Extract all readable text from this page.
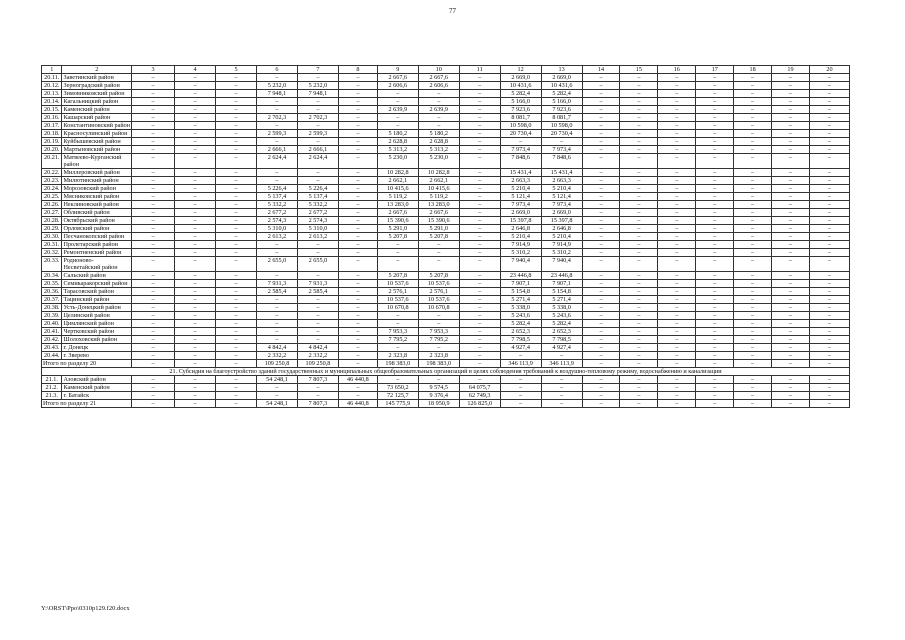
77
1	2	3	4	5	6	7	8	9	10	11	12	13	14	15	16	17	18	19	20
20.11.	Заветинский район	–	–	–	–	–	–	2 667,6	2 667,6	–	2 669,0	2 669,0	–	–	–	–	–	–	–
20.12.	Зерноградский район	–	–	–	5 232,0	5 232,0	–	2 606,6	2 606,6	–	10 431,6	10 431,6	–	–	–	–	–	–	–
20.13.	Зимовниковский район	–	–	–	7 948,1	7 948,1	–	–	–	–	5 282,4	5 282,4	–	–	–	–	–	–	–
20.14.	Кагальницкий район	–	–	–	–	–	–	–	–	–	5 166,0	5 166,0	–	–	–	–	–	–	–
20.15.	Каменский район	–	–	–	–	–	–	2 639,9	2 639,9	–	7 923,6	7 923,6	–	–	–	–	–	–	–
20.16.	Кашарский район	–	–	–	2 702,3	2 702,3	–	–	–	–	8 081,7	8 081,7	–	–	–	–	–	–	–
20.17.	Константиновский район	–	–	–	–	–	–	–	–	–	10 598,0	10 598,0	–	–	–	–	–	–	–
20.18.	Красносулинский район	–	–	–	2 599,3	2 599,3	–	5 180,2	5 180,2	–	20 730,4	20 730,4	–	–	–	–	–	–	–
20.19.	Куйбышевский район	–	–	–	–	–	–	2 628,8	2 628,8	–	–	–	–	–	–	–	–	–	–
20.20.	Мартыновский район	–	–	–	2 666,1	2 666,1	–	5 313,2	5 313,2	–	7 973,4	7 973,4	–	–	–	–	–	–	–
20.21.	Матвеево-Курганский район	–	–	–	2 624,4	2 624,4	–	5 230,0	5 230,0	–	7 848,6	7 848,6	–	–	–	–	–	–	–
20.22.	Миллеровский район	–	–	–	–	–	–	10 282,8	10 282,8	–	15 431,4	15 431,4	–	–	–	–	–	–	–
20.23.	Милютинский район	–	–	–	–	–	–	2 662,1	2 662,1	–	2 663,3	2 663,3	–	–	–	–	–	–	–
20.24.	Морозовский район	–	–	–	5 226,4	5 226,4	–	10 415,6	10 415,6	–	5 210,4	5 210,4	–	–	–	–	–	–	–
20.25.	Мясниковский район	–	–	–	5 137,4	5 137,4	–	5 119,2	5 119,2	–	5 121,4	5 121,4	–	–	–	–	–	–	–
20.26.	Неклиновский район	–	–	–	5 332,2	5 332,2	–	13 283,0	13 283,0	–	7 973,4	7 973,4	–	–	–	–	–	–	–
20.27.	Обливский район	–	–	–	2 677,2	2 677,2	–	2 667,6	2 667,6	–	2 669,0	2 669,0	–	–	–	–	–	–	–
20.28.	Октябрьский район	–	–	–	2 574,3	2 574,3	–	15 390,6	15 390,6	–	15 397,8	15 397,8	–	–	–	–	–	–	–
20.29.	Орловский район	–	–	–	5 310,0	5 310,0	–	5 291,0	5 291,0	–	2 646,8	2 646,8	–	–	–	–	–	–	–
20.30.	Песчанокопский район	–	–	–	2 613,2	2 613,2	–	5 207,8	5 207,8	–	5 210,4	5 210,4	–	–	–	–	–	–	–
20.31.	Пролетарский район	–	–	–	–	–	–	–	–	–	7 914,9	7 914,9	–	–	–	–	–	–	–
20.32.	Ремонтненский район	–	–	–	–	–	–	–	–	–	5 310,2	5 310,2	–	–	–	–	–	–	–
20.33.	Родионово-Несветайский район	–	–	–	2 655,0	2 655,0	–	–	–	–	7 940,4	7 940,4	–	–	–	–	–	–	–
20.34.	Сальский район	–	–	–	–	–	–	5 207,8	5 207,8	–	23 446,8	23 446,8	–	–	–	–	–	–	–
20.35.	Семикаракорский район	–	–	–	7 931,3	7 931,3	–	10 537,6	10 537,6	–	7 907,1	7 907,1	–	–	–	–	–	–	–
20.36.	Тарасовский район	–	–	–	2 585,4	2 585,4	–	2 576,1	2 576,1	–	5 154,8	5 154,8	–	–	–	–	–	–	–
20.37.	Тацинский район	–	–	–	–	–	–	10 537,6	10 537,6	–	5 271,4	5 271,4	–	–	–	–	–	–	–
20.38.	Усть-Донецкий район	–	–	–	–	–	–	10 670,8	10 670,8	–	5 338,0	5 338,0	–	–	–	–	–	–	–
20.39.	Целинский район	–	–	–	–	–	–	–	–	–	5 243,6	5 243,6	–	–	–	–	–	–	–
20.40.	Цимлянский район	–	–	–	–	–	–	–	–	–	5 282,4	5 282,4	–	–	–	–	–	–	–
20.41.	Чертковский район	–	–	–	–	–	–	7 953,3	7 953,3	–	2 652,3	2 652,3	–	–	–	–	–	–	–
20.42.	Шолоховский район	–	–	–	–	–	–	7 795,2	7 795,2	–	7 798,5	7 798,5	–	–	–	–	–	–	–
20.43.	г. Донецк	–	–	–	4 842,4	4 842,4	–	–	–	–	4 927,4	4 927,4	–	–	–	–	–	–	–
20.44.	г. Зверево	–	–	–	2 332,2	2 332,2	–	2 323,8	2 323,8	–	–	–	–	–	–	–	–	–	–
Итого по разделу 20		–	–	–	109 250,8	109 250,8	–	198 383,0	198 383,0	–	346 113,9	346 113,9	–	–	–	–	–	–	–
21. Субсидия на благоустройство зданий государственных и муниципальных общеобразовательных организаций в целях соблюдения требований к воздушно-тепловому режиму, водоснабжению и канализации																			
21.1.	Азовский район	–	–	–	54 248,1	7 807,3	46 440,8	–	–	–	–	–	–	–	–	–	–	–	–
21.2.	Каменский район	–	–	–	–	–	–	73 650,2	9 574,5	64 075,7	–	–	–	–	–	–	–	–	–
21.3.	г. Батайск	–	–	–	–	–	–	72 125,7	9 376,4	62 749,3	–	–	–	–	–	–	–	–	–
Итого по разделу 21		–	–	–	54 248,1	7 807,3	46 440,8	145 775,9	18 950,9	126 825,0	–	–	–	–	–	–	–	–	–
Y:\ORST\Ppo\0310p129.f20.docx
